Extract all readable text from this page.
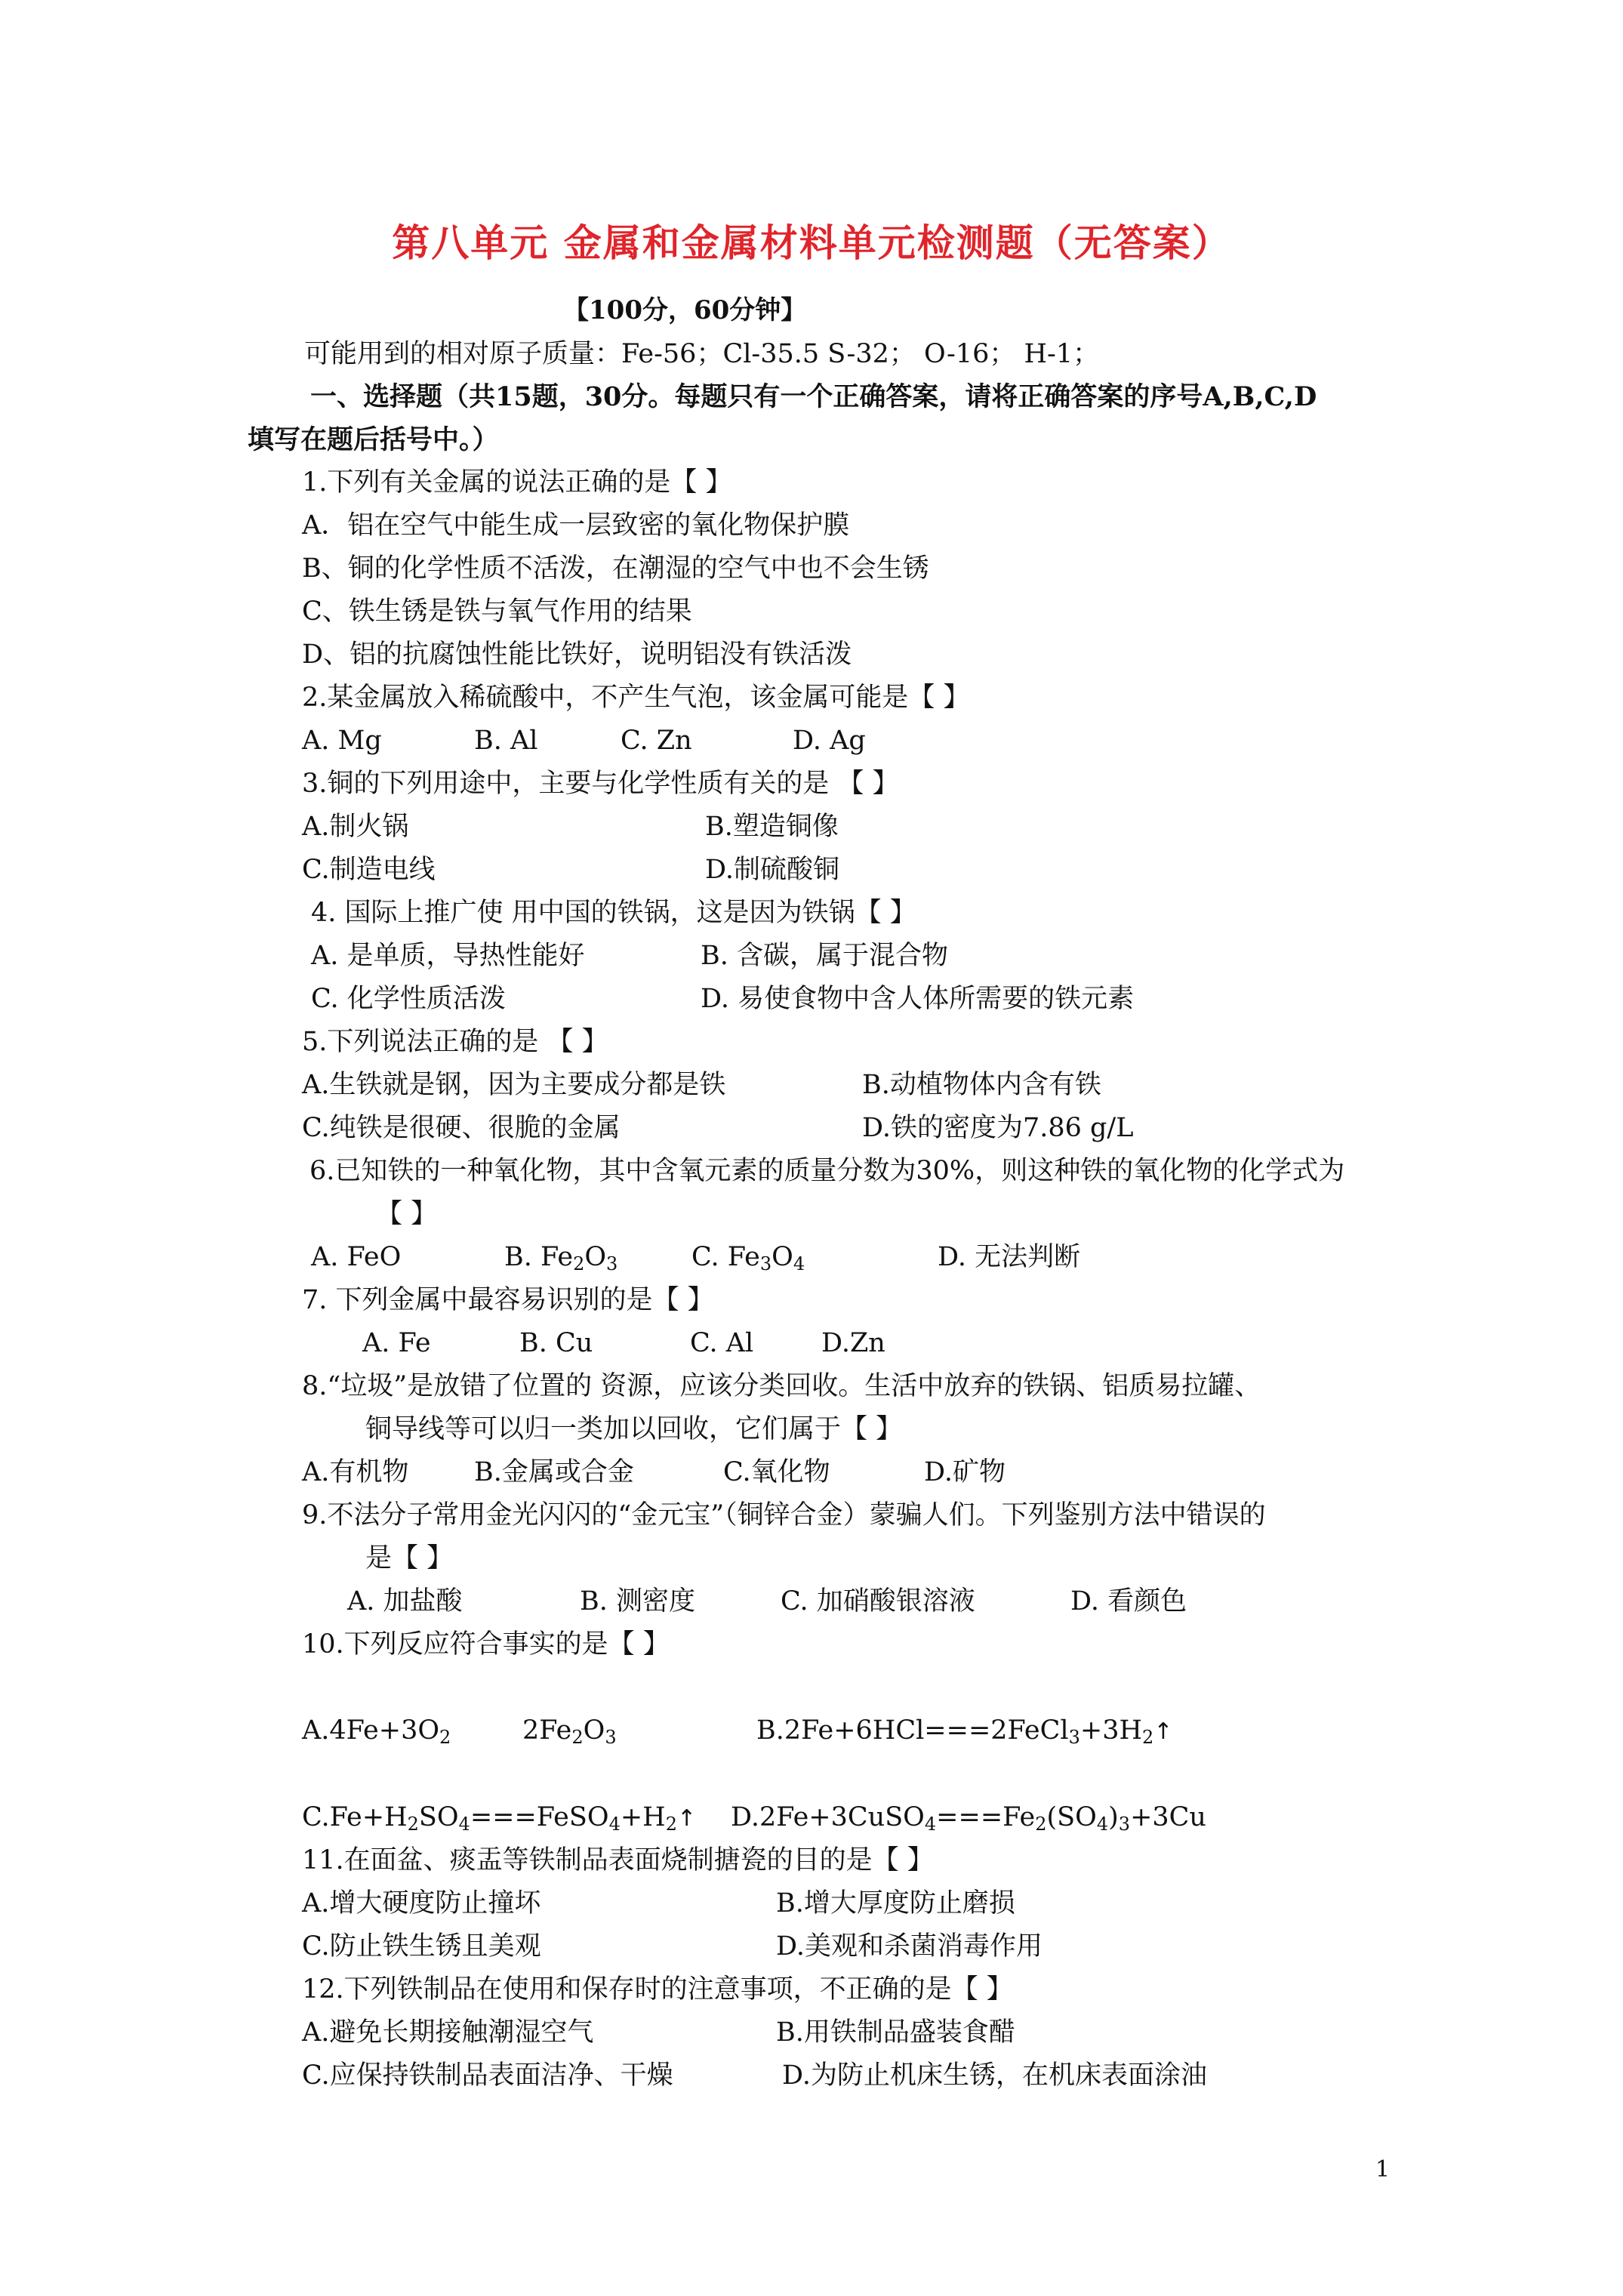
第八单元 金属和金属材料单元检测题（无答案）
【100分，60分钟】
可能用到的相对原子质量：Fe-56；Cl-35.5 S-32； O-16； H-1；
一、选择题（共15题，30分。每题只有一个正确答案，请将正确答案的序号A,B,C,D
填写在题后括号中。）
1.下列有关金属的说法正确的是【 】
A．铝在空气中能生成一层致密的氧化物保护膜
B、铜的化学性质不活泼，在潮湿的空气中也不会生锈
C、铁生锈是铁与氧气作用的结果
D、铝的抗腐蚀性能比铁好，说明铝没有铁活泼
2.某金属放入稀硫酸中，不产生气泡，该金属可能是【 】
A. Mg	B. Al	C. Zn	D. Ag
3.铜的下列用途中，主要与化学性质有关的是 【 】
A.制火锅	B.塑造铜像
C.制造电线	D.制硫酸铜
4. 国际上推广使 用中国的铁锅，这是因为铁锅【 】
A. 是单质，导热性能好	B. 含碳，属于混合物
C. 化学性质活泼	D. 易使食物中含人体所需要的铁元素
5.下列说法正确的是 【 】
A.生铁就是钢，因为主要成分都是铁	B.动植物体内含有铁
C.纯铁是很硬、很脆的金属	D.铁的密度为7.86 g/L
6.已知铁的一种氧化物，其中含氧元素的质量分数为30%，则这种铁的氧化物的化学式为
【 】
A. FeO	B. $Fe_2O_3$	C. $Fe_3O_4$	D. 无法判断
7. 下列金属中最容易识别的是【 】
A. Fe	B. Cu	C. Al	D.Zn
8.“垃圾”是放错了位置的 资源，应该分类回收。生活中放弃的铁锅、铝质易拉罐、
铜导线等可以归一类加以回收，它们属于【 】
A.有机物 B.金属或合金	C.氧化物	D.矿物
9.不法分子常用金光闪闪的“金元宝”（铜锌合金）蒙骗人们。下列鉴别方法中错误的
是【 】
A. 加盐酸	B. 测密度	C. 加硝酸银溶液	D. 看颜色
10.下列反应符合事实的是【 】
$A.4Fe+3O_2$	$2Fe_2O_3$	$B.2Fe+6HCl===2FeCl_3+3H_2↑$
$C.Fe+H_2SO_4===FeSO_4+H_2↑$ $D.2Fe+3CuSO_4===Fe_2(SO_4)_3+3Cu$
11.在面盆、痰盂等铁制品表面烧制搪瓷的目的是【 】
A.增大硬度防止撞坏	B.增大厚度防止磨损
C.防止铁生锈且美观	D.美观和杀菌消毒作用
12.下列铁制品在使用和保存时的注意事项，不正确的是【 】
A.避免长期接触潮湿空气	B.用铁制品盛装食醋
C.应保持铁制品表面洁净、干燥	D.为防止机床生锈，在机床表面涂油
1
